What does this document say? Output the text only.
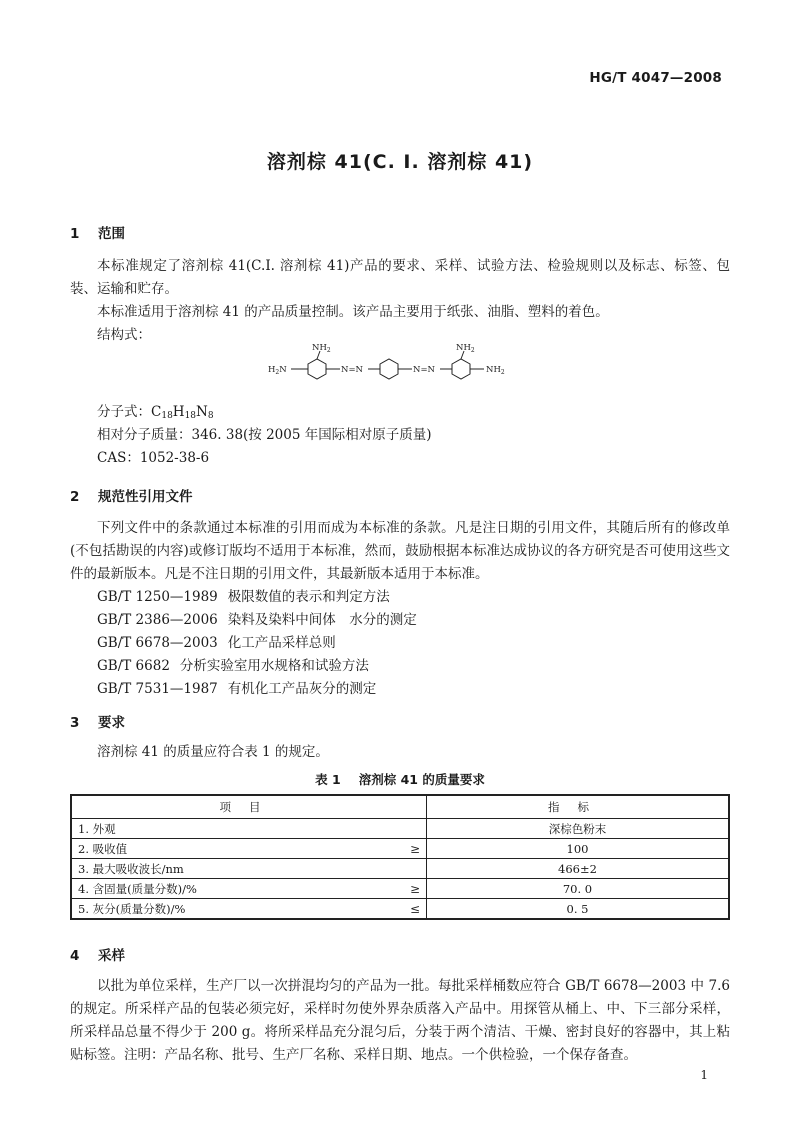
HG/T 4047—2008
溶剂棕 41(C. I. 溶剂棕 41)
1 范围
本标准规定了溶剂棕 41(C.I. 溶剂棕 41)产品的要求、采样、试验方法、检验规则以及标志、标签、包装、运输和贮存。
本标准适用于溶剂棕 41 的产品质量控制。该产品主要用于纸张、油脂、塑料的着色。
结构式：
$NH_2$	$NH_2$
$H_2N$	$NH_2$
N=N	N=N
分子式：$C_{18}H_{18}N_8$
相对分子质量：346. 38(按 2005 年国际相对原子质量)
CAS：1052-38-6
2 规范性引用文件
下列文件中的条款通过本标准的引用而成为本标准的条款。凡是注日期的引用文件，其随后所有的修改单(不包括勘误的内容)或修订版均不适用于本标准，然而，鼓励根据本标准达成协议的各方研究是否可使用这些文件的最新版本。凡是不注日期的引用文件，其最新版本适用于本标准。
GB/T 1250—1989 极限数值的表示和判定方法
GB/T 2386—2006 染料及染料中间体　水分的测定
GB/T 6678—2003 化工产品采样总则
GB/T 6682 分析实验室用水规格和试验方法
GB/T 7531—1987 有机化工产品灰分的测定
3 要求
溶剂棕 41 的质量应符合表 1 的规定。
表 1 溶剂棕 41 的质量要求
项目		指标
1. 外观		深棕色粉末
2. 吸收值	≥	100
3. 最大吸收波长/nm		466±2
4. 含固量(质量分数)/%	≥	70. 0
5. 灰分(质量分数)/%	≤	0. 5
4 采样
以批为单位采样，生产厂以一次拼混均匀的产品为一批。每批采样桶数应符合 GB/T 6678—2003 中 7.6 的规定。所采样产品的包装必须完好，采样时勿使外界杂质落入产品中。用探管从桶上、中、下三部分采样，所采样品总量不得少于 200 g。将所采样品充分混匀后，分装于两个清洁、干燥、密封良好的容器中，其上粘贴标签。注明：产品名称、批号、生产厂名称、采样日期、地点。一个供检验，一个保存备查。
1
